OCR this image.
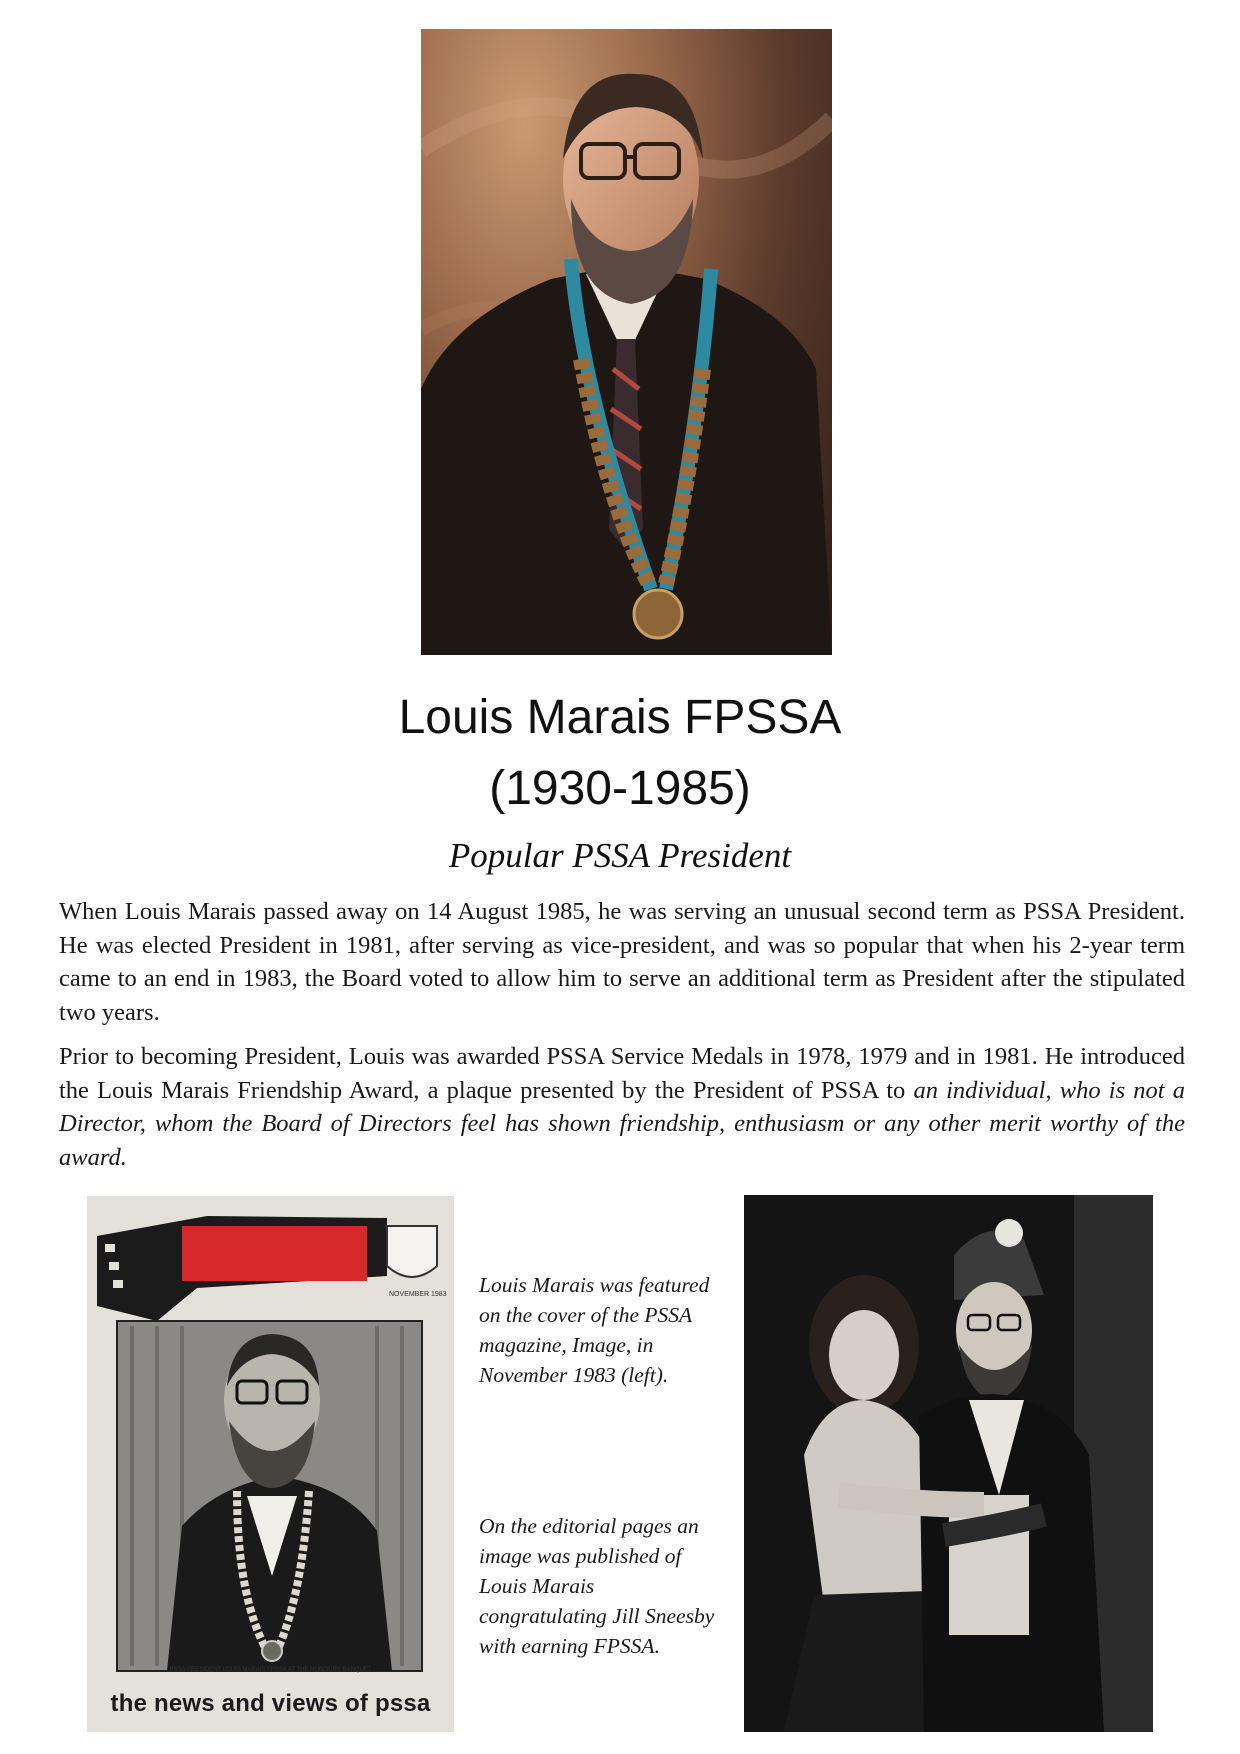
Louis Marais FPSSA
(1930-1985)
Popular PSSA President
When Louis Marais passed away on 14 August 1985, he was serving an unusual second term as PSSA President. He was elected President in 1981, after serving as vice-president, and was so popular that when his 2-year term came to an end in 1983, the Board voted to allow him to serve an additional term as President after the stipulated two years.
Prior to becoming President, Louis was awarded PSSA Service Medals in 1978, 1979 and in 1981. He introduced the Louis Marais Friendship Award, a plaque presented by the President of PSSA to an individual, who is not a Director, whom the Board of Directors feel has shown friendship, enthusiasm or any other merit worthy of the award.
NOVEMBER 1983
PSSA PRESIDENT LOUIS MARAIS FPSSA AT THE HONOURS BANQUET
the news and views of pssa
Louis Marais was featured on the cover of the PSSA magazine, Image, in November 1983 (left).
On the editorial pages an image was published of Louis Marais congratulating Jill Sneesby with earning FPSSA.
